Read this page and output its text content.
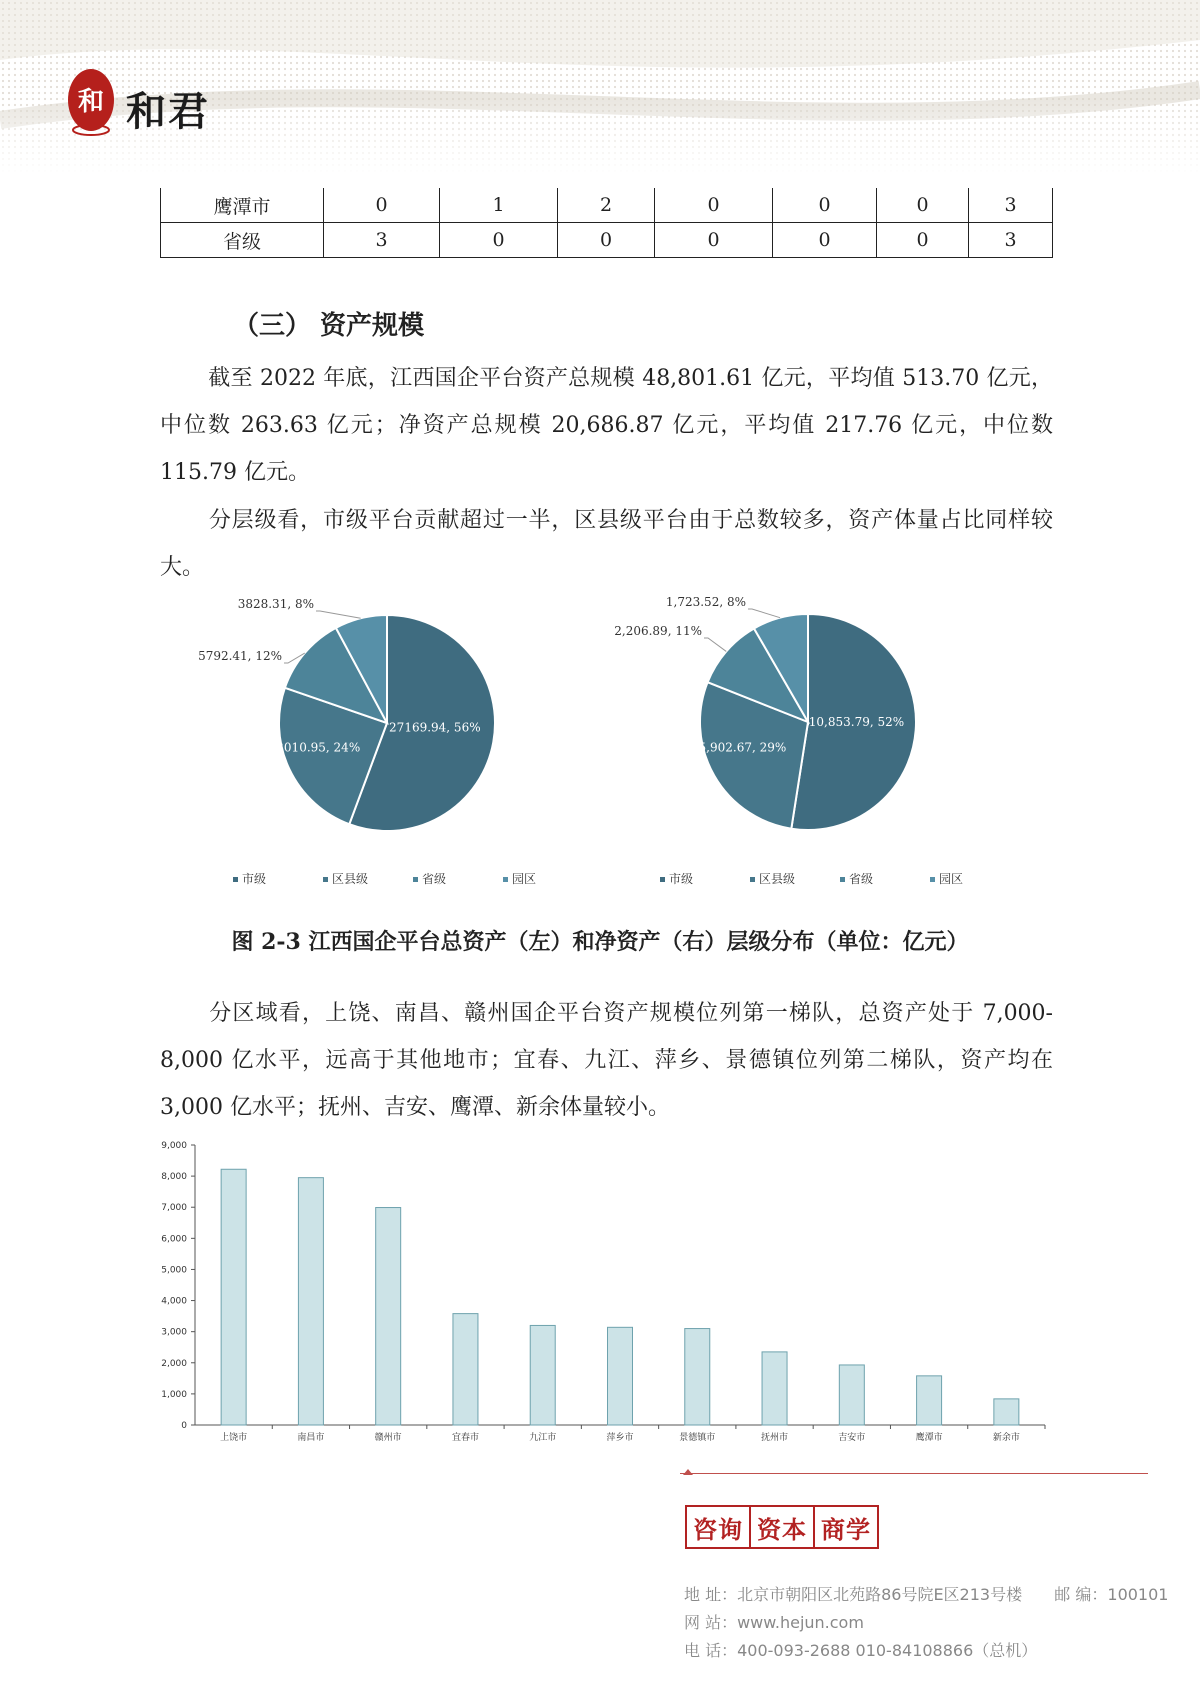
和 和君
鹰潭市	0	1	2	0	0	0	3
省级	3	0	0	0	0	0	3
（三） 资产规模

截至 2022 年底，江西国企平台资产总规模 48,801.61 亿元，平均值 513.70 亿元，中位数 263.63 亿元；净资产总规模 20,686.87 亿元，平均值 217.76 亿元，中位数 115.79 亿元。

分层级看，市级平台贡献超过一半，区县级平台由于总数较多，资产体量占比同样较大。

27169.94, 56%
12010.95, 24%
5792.41, 12%
3828.31, 8%
市级	区县级	省级	园区
10,853.79, 52%
5,902.67, 29%
2,206.89, 11%
1,723.52, 8%
市级	区县级	省级	园区
图 2-3 江西国企平台总资产（左）和净资产（右）层级分布（单位：亿元）

分区域看，上饶、南昌、赣州国企平台资产规模位列第一梯队，总资产处于 7,000-8,000 亿水平，远高于其他地市；宜春、九江、萍乡、景德镇位列第二梯队，资产均在 3,000 亿水平；抚州、吉安、鹰潭、新余体量较小。

0
1,000
2,000
3,000
4,000
5,000
6,000
7,000
8,000
9,000
上饶市	南昌市	赣州市	宜春市	九江市	萍乡市	景德镇市	抚州市	吉安市	鹰潭市	新余市
咨询 资本 商学
地 址：北京市朝阳区北苑路86号院E区213号楼 邮 编：100101
网 站：www.hejun.com
电 话：400-093-2688 010-84108866（总机）
